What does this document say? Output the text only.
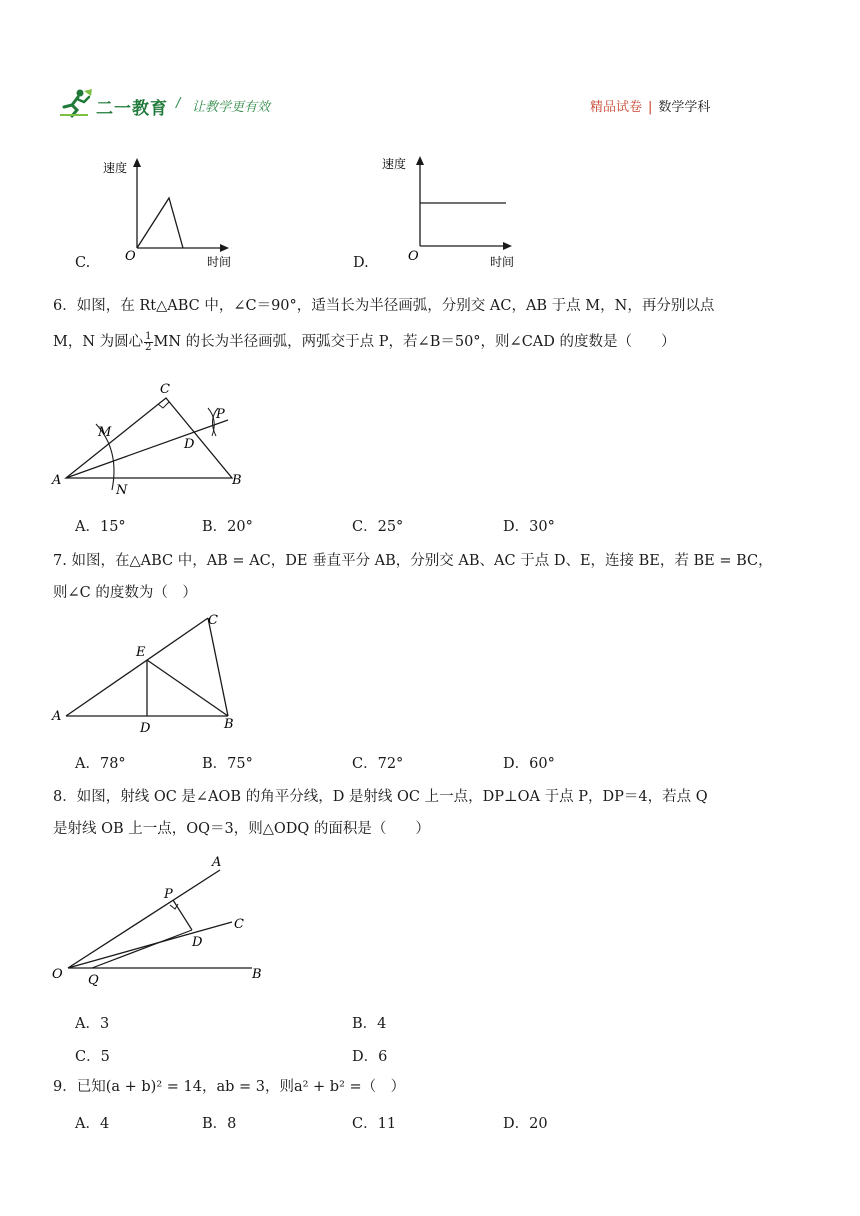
二一教育 / 让教学更有效	精品试卷 | 数学学科
C.
速度
时间
O	D.
速度
时间
O
6．如图，在 Rt△ABC 中，∠C＝90°，适当长为半径画弧，分别交 AC，AB 于点 M，N，再分别以点
M，N 为圆心 $\frac{1}{2}$ MN 的长为半径画弧，两弧交于点 P，若∠B＝50°，则∠CAD 的度数是（　　）
A	B
C
D
M
N
P
A．15°	B．20°	C．25°	D．30°
7. 如图，在△ABC 中，AB = AC，DE 垂直平分 AB，分别交 AB、AC 于点 D、E，连接 BE，若 BE = BC，
则∠C 的度数为（　）
A
B
C
D
E
A．78°	B．75°	C．72°	D．60°
8．如图，射线 OC 是∠AOB 的角平分线，D 是射线 OC 上一点，DP⊥OA 于点 P，DP＝4，若点 Q
是射线 OB 上一点，OQ＝3，则△ODQ 的面积是（　　）
O
A
B
C
D
P
Q
A．3	B．4
C．5	D．6
9．已知(a + b)² = 14，ab = 3，则a² + b² =（　）
A．4	B．8	C．11	D．20
